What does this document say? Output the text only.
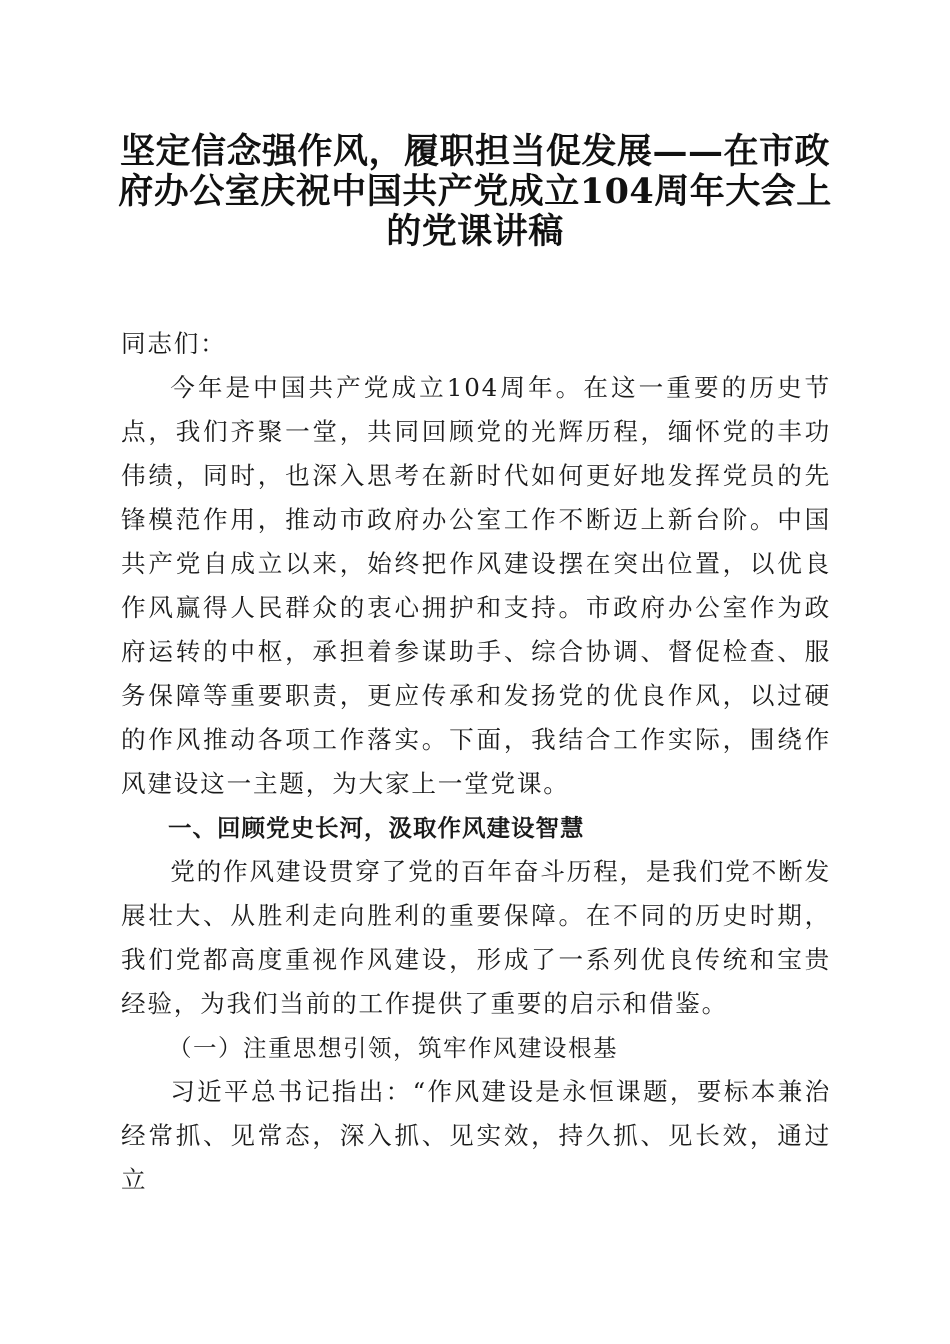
坚定信念强作风，履职担当促发展——在市政府办公室庆祝中国共产党成立104周年大会上的党课讲稿

同志们：

今年是中国共产党成立104周年。在这一重要的历史节点，我们齐聚一堂，共同回顾党的光辉历程，缅怀党的丰功伟绩，同时，也深入思考在新时代如何更好地发挥党员的先锋模范作用，推动市政府办公室工作不断迈上新台阶。中国共产党自成立以来，始终把作风建设摆在突出位置，以优良作风赢得人民群众的衷心拥护和支持。市政府办公室作为政府运转的中枢，承担着参谋助手、综合协调、督促检查、服务保障等重要职责，更应传承和发扬党的优良作风，以过硬的作风推动各项工作落实。下面，我结合工作实际，围绕作风建设这一主题，为大家上一堂党课。

一、回顾党史长河，汲取作风建设智慧

党的作风建设贯穿了党的百年奋斗历程，是我们党不断发展壮大、从胜利走向胜利的重要保障。在不同的历史时期，我们党都高度重视作风建设，形成了一系列优良传统和宝贵经验，为我们当前的工作提供了重要的启示和借鉴。

（一）注重思想引领，筑牢作风建设根基

习近平总书记指出：“作风建设是永恒课题，要标本兼治经常抓、见常态，深入抓、见实效，持久抓、见长效，通过立
